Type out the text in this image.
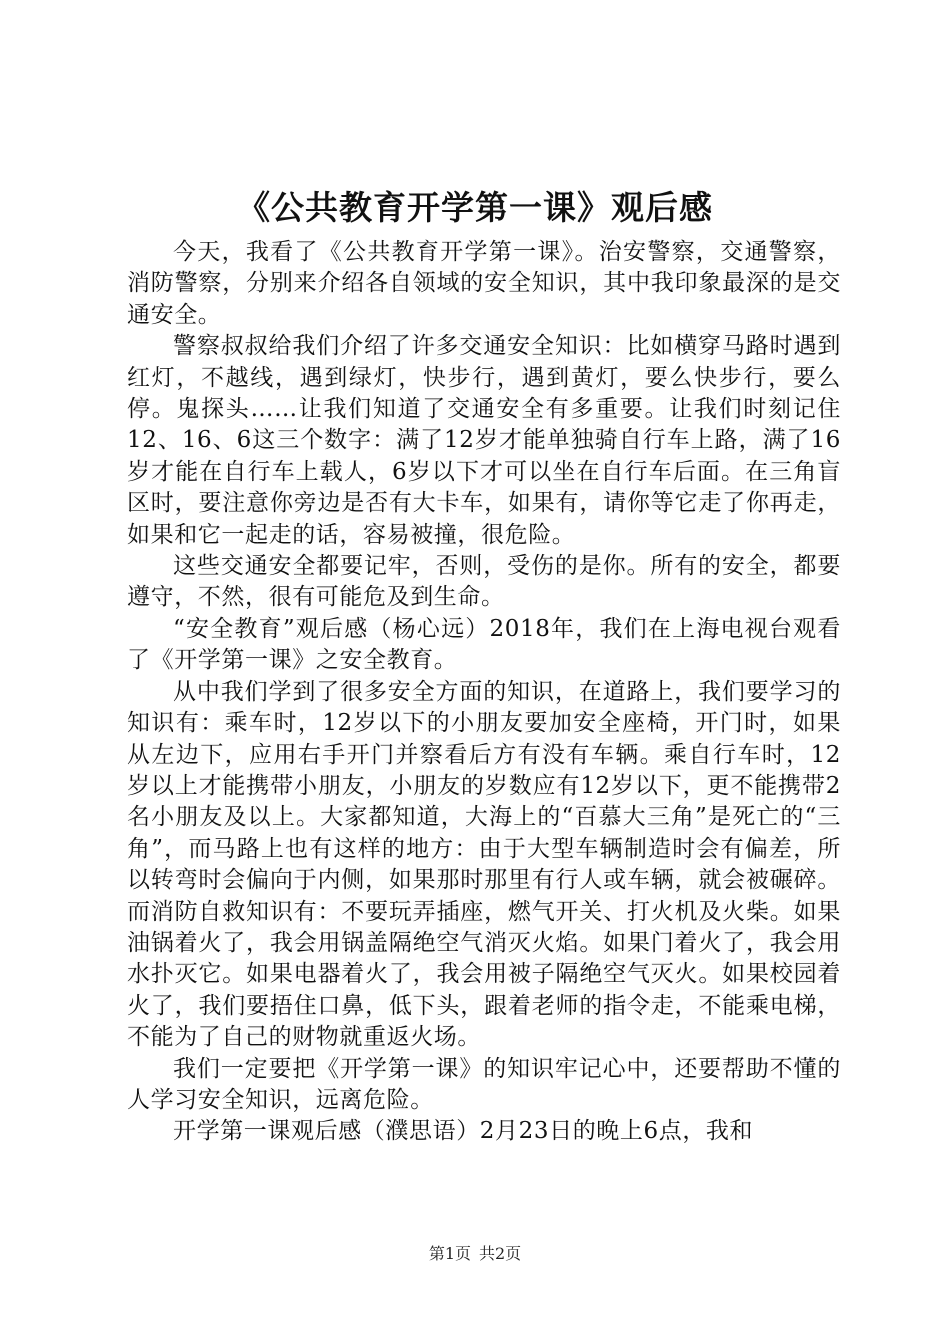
《公共教育开学第一课》观后感

今天，我看了《公共教育开学第一课》。治安警察，交通警察，消防警察，分别来介绍各自领域的安全知识，其中我印象最深的是交通安全。

警察叔叔给我们介绍了许多交通安全知识：比如横穿马路时遇到红灯，不越线，遇到绿灯，快步行，遇到黄灯，要么快步行，要么停。鬼探头……让我们知道了交通安全有多重要。让我们时刻记住12、16、6这三个数字：满了12岁才能单独骑自行车上路，满了16岁才能在自行车上载人，6岁以下才可以坐在自行车后面。在三角盲区时，要注意你旁边是否有大卡车，如果有，请你等它走了你再走，如果和它一起走的话，容易被撞，很危险。

这些交通安全都要记牢，否则，受伤的是你。所有的安全，都要遵守，不然，很有可能危及到生命。

“安全教育”观后感（杨心远）2018年，我们在上海电视台观看了《开学第一课》之安全教育。

从中我们学到了很多安全方面的知识，在道路上，我们要学习的知识有：乘车时，12岁以下的小朋友要加安全座椅，开门时，如果从左边下，应用右手开门并察看后方有没有车辆。乘自行车时，12岁以上才能携带小朋友，小朋友的岁数应有12岁以下，更不能携带2名小朋友及以上。大家都知道，大海上的“百慕大三角”是死亡的“三角”，而马路上也有这样的地方：由于大型车辆制造时会有偏差，所以转弯时会偏向于内侧，如果那时那里有行人或车辆，就会被碾碎。而消防自救知识有：不要玩弄插座，燃气开关、打火机及火柴。如果油锅着火了，我会用锅盖隔绝空气消灭火焰。如果门着火了，我会用水扑灭它。如果电器着火了，我会用被子隔绝空气灭火。如果校园着火了，我们要捂住口鼻，低下头，跟着老师的指令走，不能乘电梯，不能为了自己的财物就重返火场。

我们一定要把《开学第一课》的知识牢记心中，还要帮助不懂的人学习安全知识，远离危险。

开学第一课观后感（濮思语）2月23日的晚上6点，我和

第1页 共2页
